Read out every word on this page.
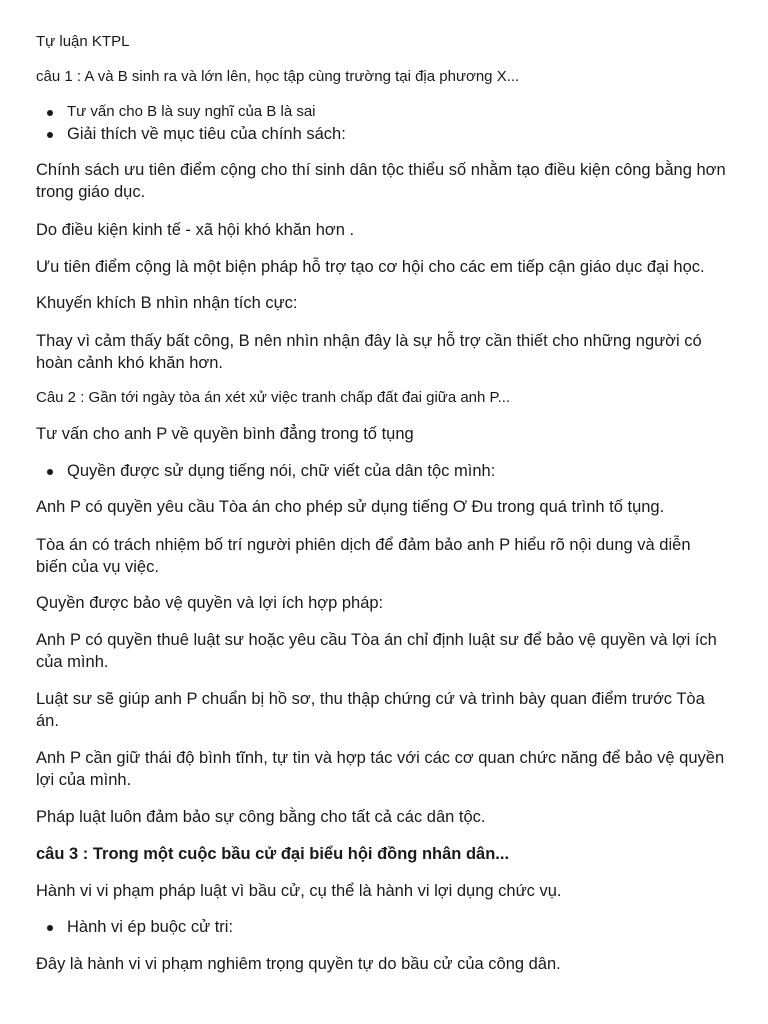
Tự luận KTPL
câu 1 : A và B sinh ra và lớn lên, học tập cùng trường tại địa phương X...
Tư vấn cho B là suy nghĩ của B là sai
Giải thích về mục tiêu của chính sách:
Chính sách ưu tiên điểm cộng cho thí sinh dân tộc thiểu số nhằm tạo điều kiện công bằng hơn
trong giáo dục.
Do điều kiện kinh tế - xã hội khó khăn hơn .
Ưu tiên điểm cộng là một biện pháp hỗ trợ tạo cơ hội cho các em tiếp cận giáo dục đại học.
Khuyến khích B nhìn nhận tích cực:
Thay vì cảm thấy bất công, B nên nhìn nhận đây là sự hỗ trợ cần thiết cho những người có
hoàn cảnh khó khăn hơn.
Câu 2 : Gần tới ngày tòa án xét xử việc tranh chấp đất đai giữa anh P...
Tư vấn cho anh P về quyền bình đẳng trong tố tụng
Quyền được sử dụng tiếng nói, chữ viết của dân tộc mình:
Anh P có quyền yêu cầu Tòa án cho phép sử dụng tiếng Ơ Đu trong quá trình tố tụng.
Tòa án có trách nhiệm bố trí người phiên dịch để đảm bảo anh P hiểu rõ nội dung và diễn
biến của vụ việc.
Quyền được bảo vệ quyền và lợi ích hợp pháp:
Anh P có quyền thuê luật sư hoặc yêu cầu Tòa án chỉ định luật sư để bảo vệ quyền và lợi ích
của mình.
Luật sư sẽ giúp anh P chuẩn bị hồ sơ, thu thập chứng cứ và trình bày quan điểm trước Tòa
án.
Anh P cần giữ thái độ bình tĩnh, tự tin và hợp tác với các cơ quan chức năng để bảo vệ quyền
lợi của mình.
Pháp luật luôn đảm bảo sự công bằng cho tất cả các dân tộc.
câu 3 : Trong một cuộc bầu cử đại biểu hội đồng nhân dân...
Hành vi vi phạm pháp luật vì bầu cử, cụ thể là hành vi lợi dụng chức vụ.
Hành vi ép buộc cử tri:
Đây là hành vi vi phạm nghiêm trọng quyền tự do bầu cử của công dân.
